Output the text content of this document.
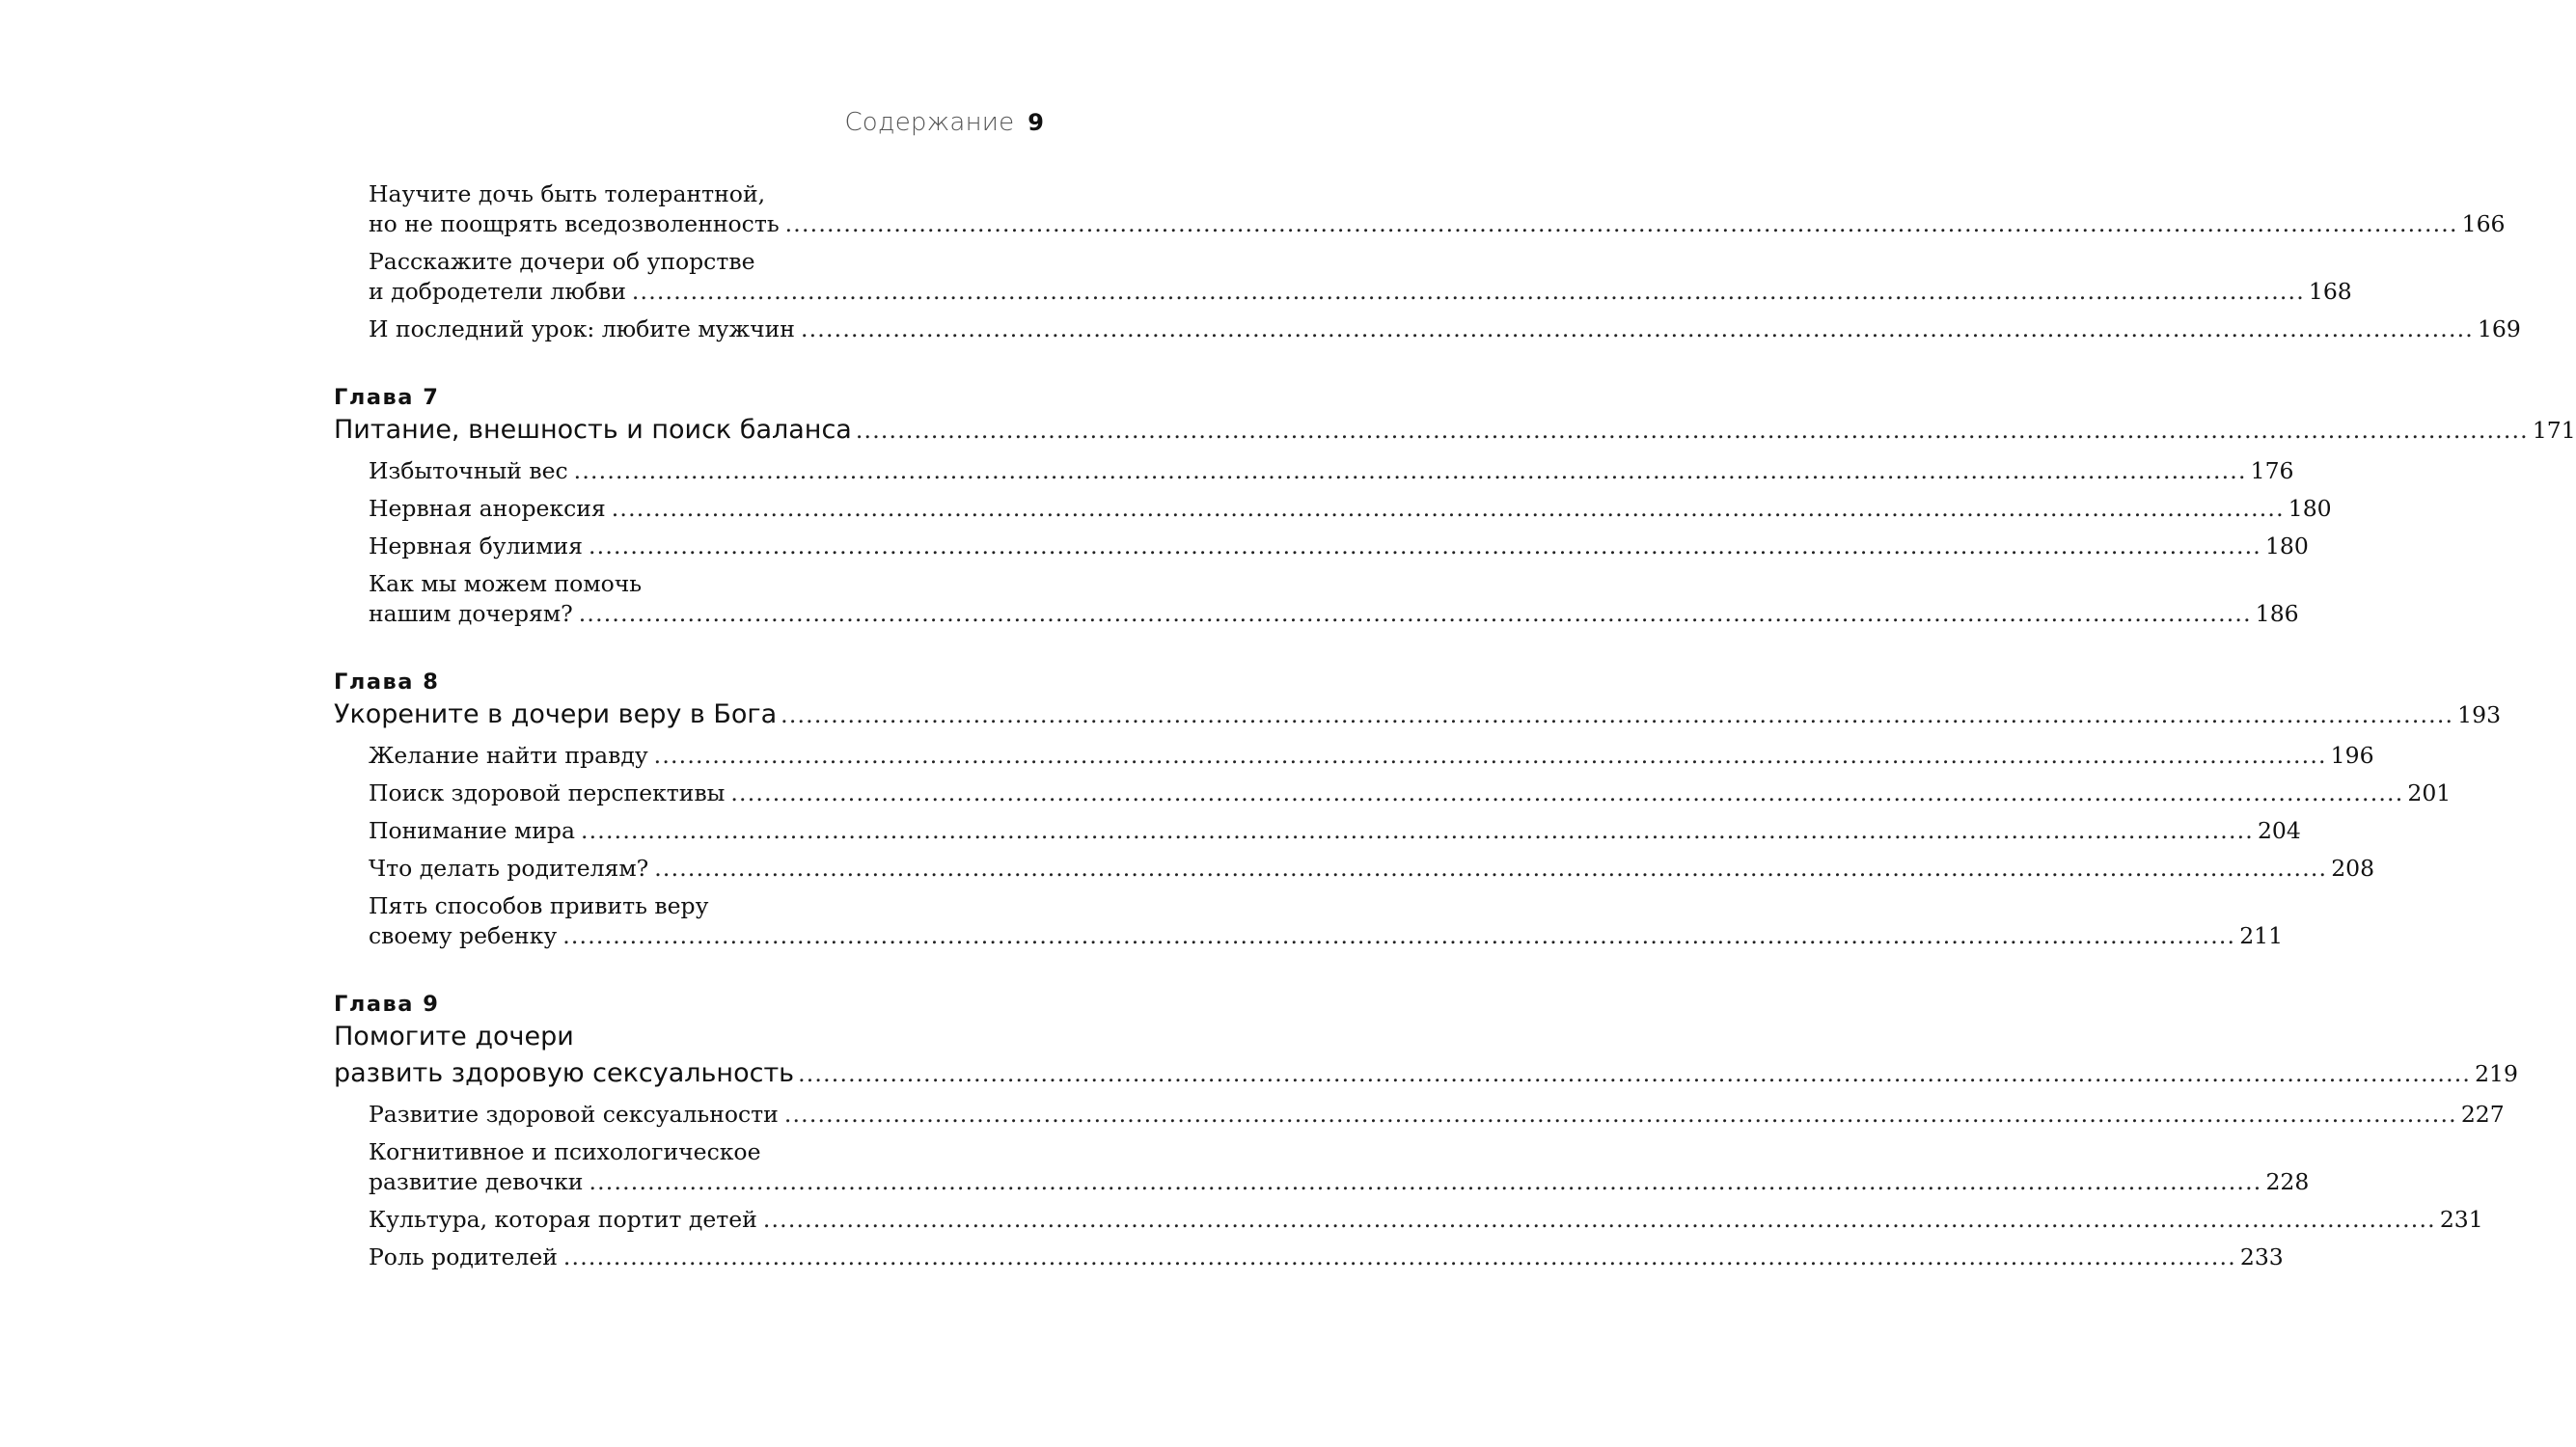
Содержание 9
Научите дочь быть толерантной,
но не поощрять вседозволенность ........................................................................................................................................................................................................ 166
Расскажите дочери об упорстве
и добродетели любви ........................................................................................................................................................................................................ 168
И последний урок: любите мужчин ........................................................................................................................................................................................................ 169
Глава 7
Питание, внешность и поиск баланса ........................................................................................................................................................................................................ 171
Избыточный вес ........................................................................................................................................................................................................ 176
Нервная анорексия ........................................................................................................................................................................................................ 180
Нервная булимия ........................................................................................................................................................................................................ 180
Как мы можем помочь
нашим дочерям? ........................................................................................................................................................................................................ 186
Глава 8
Укорените в дочери веру в Бога ........................................................................................................................................................................................................ 193
Желание найти правду ........................................................................................................................................................................................................ 196
Поиск здоровой перспективы ........................................................................................................................................................................................................ 201
Понимание мира ........................................................................................................................................................................................................ 204
Что делать родителям? ........................................................................................................................................................................................................ 208
Пять способов привить веру
своему ребенку ........................................................................................................................................................................................................ 211
Глава 9
Помогите дочери
развить здоровую сексуальность ........................................................................................................................................................................................................ 219
Развитие здоровой сексуальности ........................................................................................................................................................................................................ 227
Когнитивное и психологическое
развитие девочки ........................................................................................................................................................................................................ 228
Культура, которая портит детей ........................................................................................................................................................................................................ 231
Роль родителей ........................................................................................................................................................................................................ 233
